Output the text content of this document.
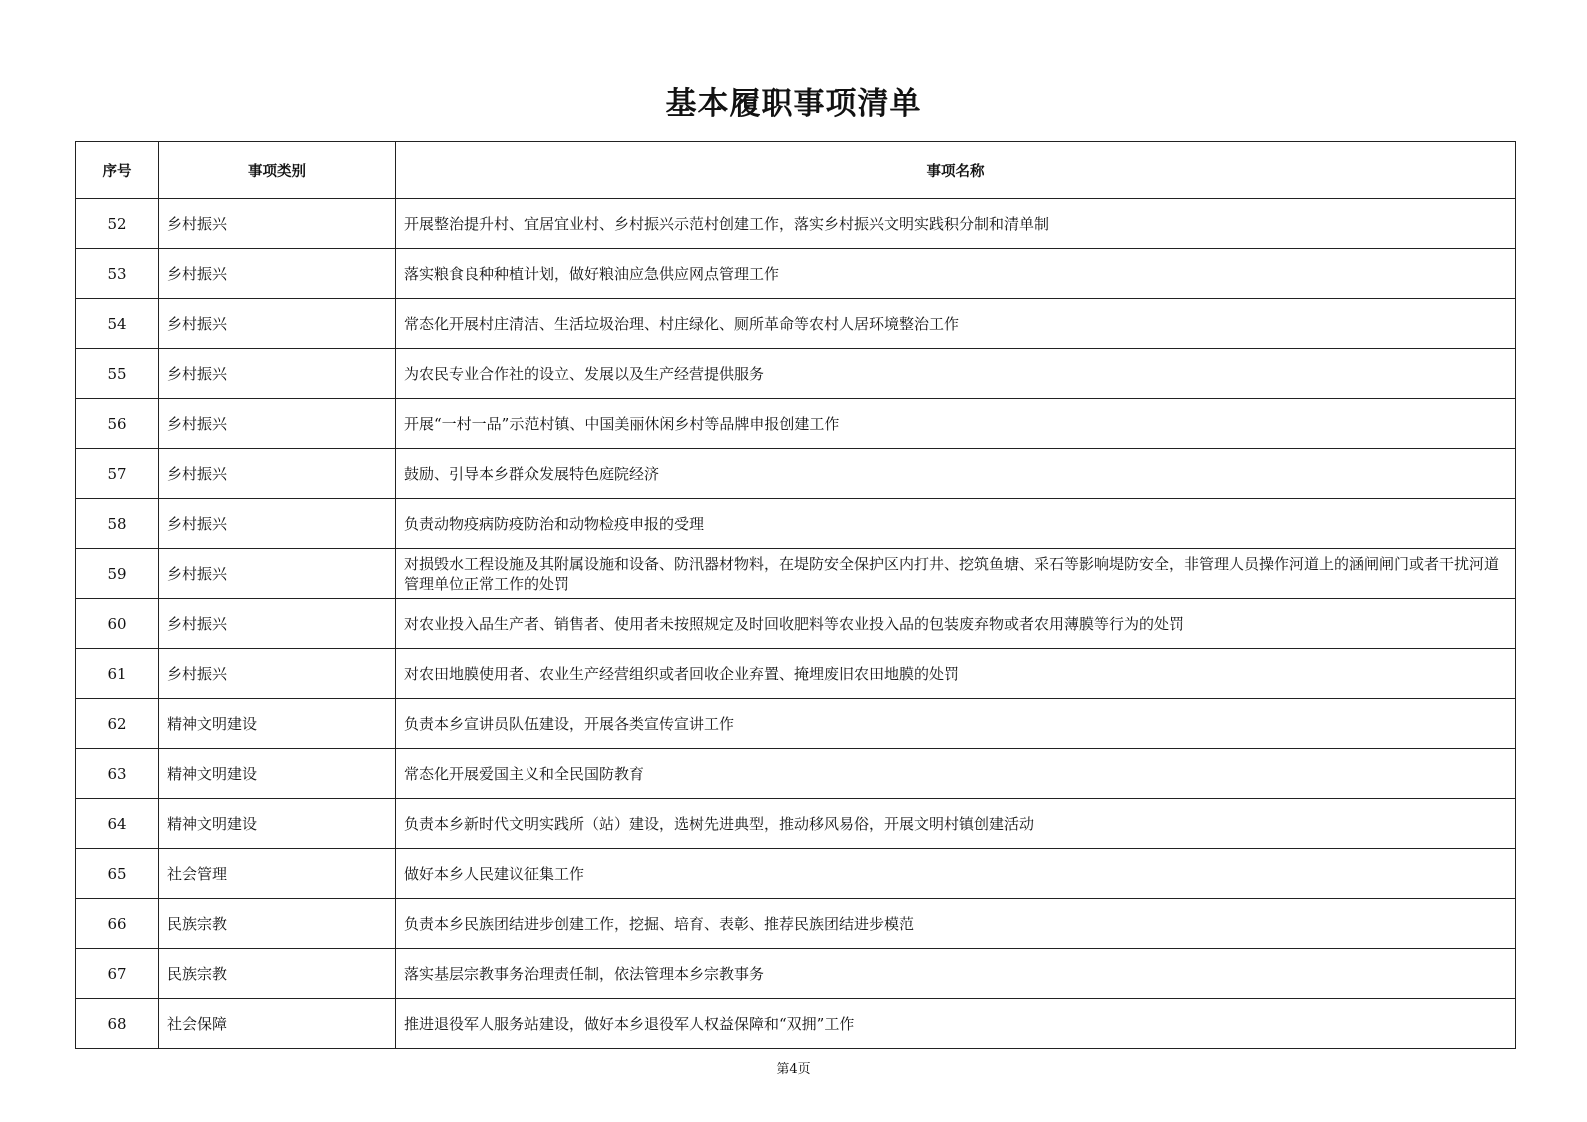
基本履职事项清单
序号	事项类别	事项名称
52	乡村振兴	开展整治提升村、宜居宜业村、乡村振兴示范村创建工作，落实乡村振兴文明实践积分制和清单制
53	乡村振兴	落实粮食良种种植计划，做好粮油应急供应网点管理工作
54	乡村振兴	常态化开展村庄清洁、生活垃圾治理、村庄绿化、厕所革命等农村人居环境整治工作
55	乡村振兴	为农民专业合作社的设立、发展以及生产经营提供服务
56	乡村振兴	开展“一村一品”示范村镇、中国美丽休闲乡村等品牌申报创建工作
57	乡村振兴	鼓励、引导本乡群众发展特色庭院经济
58	乡村振兴	负责动物疫病防疫防治和动物检疫申报的受理
59	乡村振兴	对损毁水工程设施及其附属设施和设备、防汛器材物料，在堤防安全保护区内打井、挖筑鱼塘、采石等影响堤防安全，非管理人员操作河道上的涵闸闸门或者干扰河道管理单位正常工作的处罚
60	乡村振兴	对农业投入品生产者、销售者、使用者未按照规定及时回收肥料等农业投入品的包装废弃物或者农用薄膜等行为的处罚
61	乡村振兴	对农田地膜使用者、农业生产经营组织或者回收企业弃置、掩埋废旧农田地膜的处罚
62	精神文明建设	负责本乡宣讲员队伍建设，开展各类宣传宣讲工作
63	精神文明建设	常态化开展爱国主义和全民国防教育
64	精神文明建设	负责本乡新时代文明实践所（站）建设，选树先进典型，推动移风易俗，开展文明村镇创建活动
65	社会管理	做好本乡人民建议征集工作
66	民族宗教	负责本乡民族团结进步创建工作，挖掘、培育、表彰、推荐民族团结进步模范
67	民族宗教	落实基层宗教事务治理责任制，依法管理本乡宗教事务
68	社会保障	推进退役军人服务站建设，做好本乡退役军人权益保障和“双拥”工作
第4页
